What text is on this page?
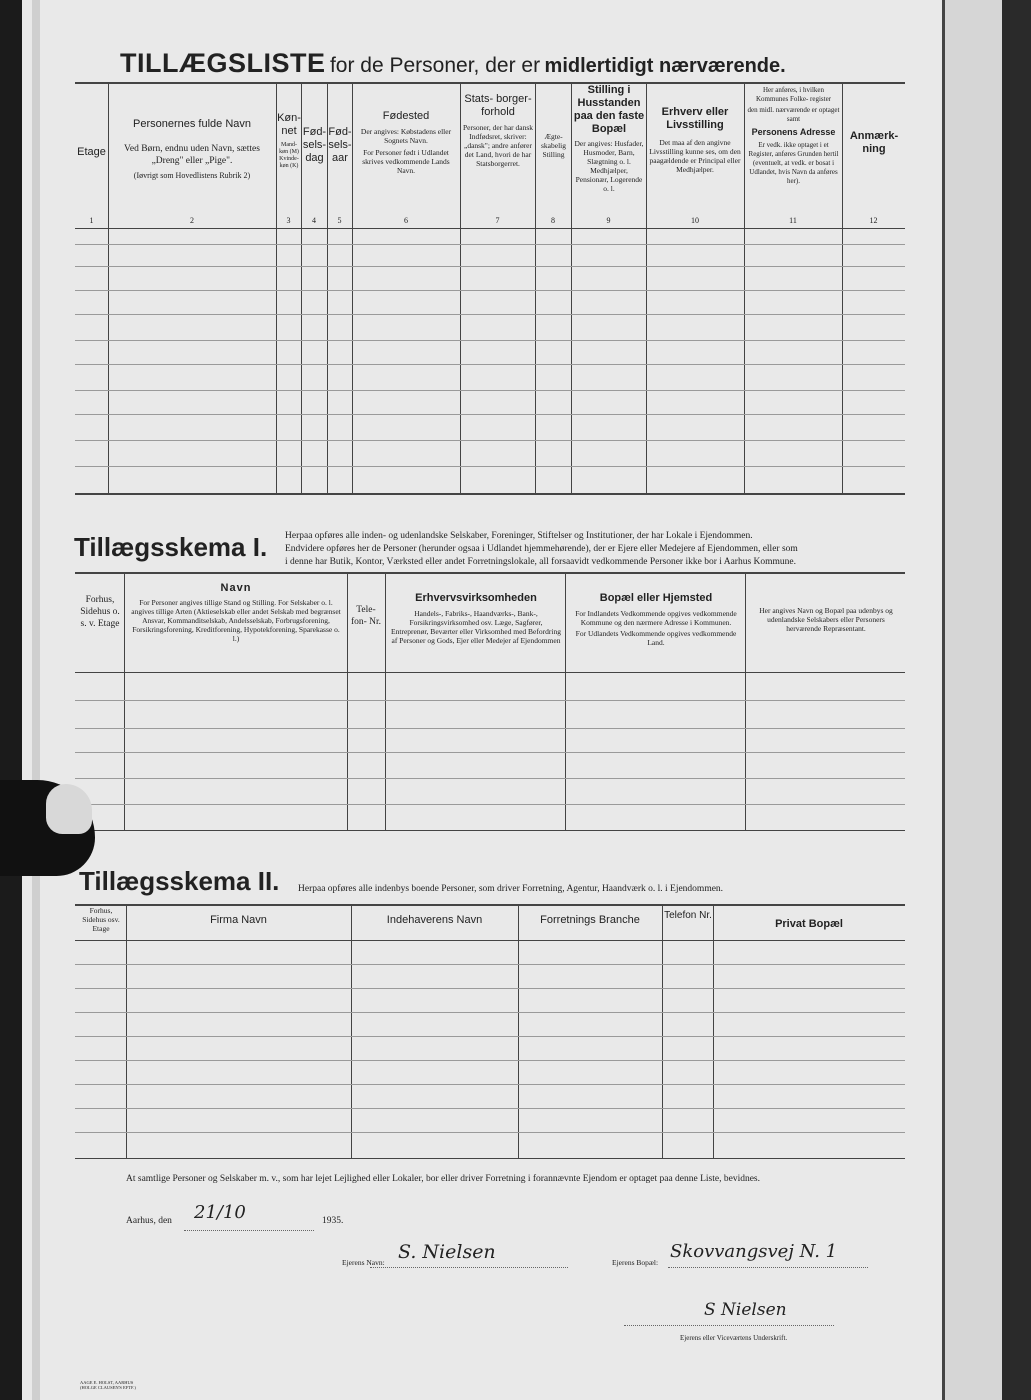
TILLÆGSLISTE for de Personer, der er midlertidigt nærværende.
Etage
1
Personernes fulde Navn
Ved Børn, endnu uden Navn, sættes „Dreng" eller „Pige".
(Iøvrigt som Hovedlistens Rubrik 2)
2
Køn- net
Mand- køn (M) Kvinde- køn (K)
3
Fød- sels- dag
4
Fød- sels- aar
5
Fødested
Der angives: Købstadens eller Sognets Navn.
For Personer født i Udlandet skrives vedkommende Lands Navn.
6
Stats- borger- forhold
Personer, der har dansk Indfødsret, skriver: „dansk"; andre anfører det Land, hvori de har Statsborgerret.
7
Ægte- skabelig Stilling
8
Stilling i Husstanden paa den faste Bopæl
Der angives: Husfader, Husmoder, Barn, Slægtning o. l. Medhjælper, Pensionær, Logerende o. l.
9
Erhverv eller Livsstilling
Det maa af den angivne Livsstilling kunne ses, om den paagældende er Principal eller Medhjælper.
10
Her anføres, i hvilken Kommunes Folke- register
den midl. nærværende er optaget samt
Personens Adresse
Er vedk. ikke optaget i et Register, anføres Grunden hertil (eventuelt, at vedk. er bosat i Udlandet, hvis Navn da anføres her).
11
Anmærk- ning
12
Tillægsskema I. Herpaa opføres alle inden- og udenlandske Selskaber, Foreninger, Stiftelser og Institutioner, der har Lokale i Ejendommen.
Endvidere opføres her de Personer (herunder ogsaa i Udlandet hjemmehørende), der er Ejere eller Medejere af Ejendommen, eller som
i denne har Butik, Kontor, Værksted eller andet Forretningslokale, all forsaavidt vedkommende Personer ikke bor i Aarhus Kommune.
Forhus, Sidehus o. s. v. Etage
Navn
For Personer angives tillige Stand og Stilling. For Selskaber o. l. angives tillige Arten (Aktieselskab eller andet Selskab med begrænset Ansvar, Kommanditselskab, Andelsselskab, Forbrugsforening, Forsikringsforening, Kreditforening, Hypotekforening, Sparekasse o. l.)
Tele- fon- Nr.
Erhvervsvirksomheden
Handels-, Fabriks-, Haandværks-, Bank-, Forsikringsvirksomhed osv. Læge, Sagfører, Entreprenør, Beværter eller Virksomhed med Befordring af Personer og Gods, Ejer eller Medejer af Ejendommen
Bopæl eller Hjemsted
For Indlandets Vedkommende opgives vedkommende Kommune og den nærmere Adresse i Kommunen.
For Udlandets Vedkommende opgives vedkommende Land.
Her angives Navn og Bopæl paa udenbys og udenlandske Selskabers eller Personers herværende Repræsentant.
Tillægsskema II. Herpaa opføres alle indenbys boende Personer, som driver Forretning, Agentur, Haandværk o. l. i Ejendommen.
Forhus, Sidehus osv. Etage
Firma Navn	Indehaverens Navn	Forretnings Branche	Telefon Nr.
Privat Bopæl
At samtlige Personer og Selskaber m. v., som har lejet Lejlighed eller Lokaler, bor eller driver Forretning i forannævnte Ejendom er optaget paa denne Liste, bevidnes.
Aarhus, den 21/10	1935.
Ejerens Navn: S. Nielsen	Ejerens Bopæl:
Skovvangsvej N. 1
S Nielsen
Ejerens eller Viceværtens Underskrift.
AAGE E. HOLST, AARHUS
(HOLGE CLAUSEN'S EFTF.)
